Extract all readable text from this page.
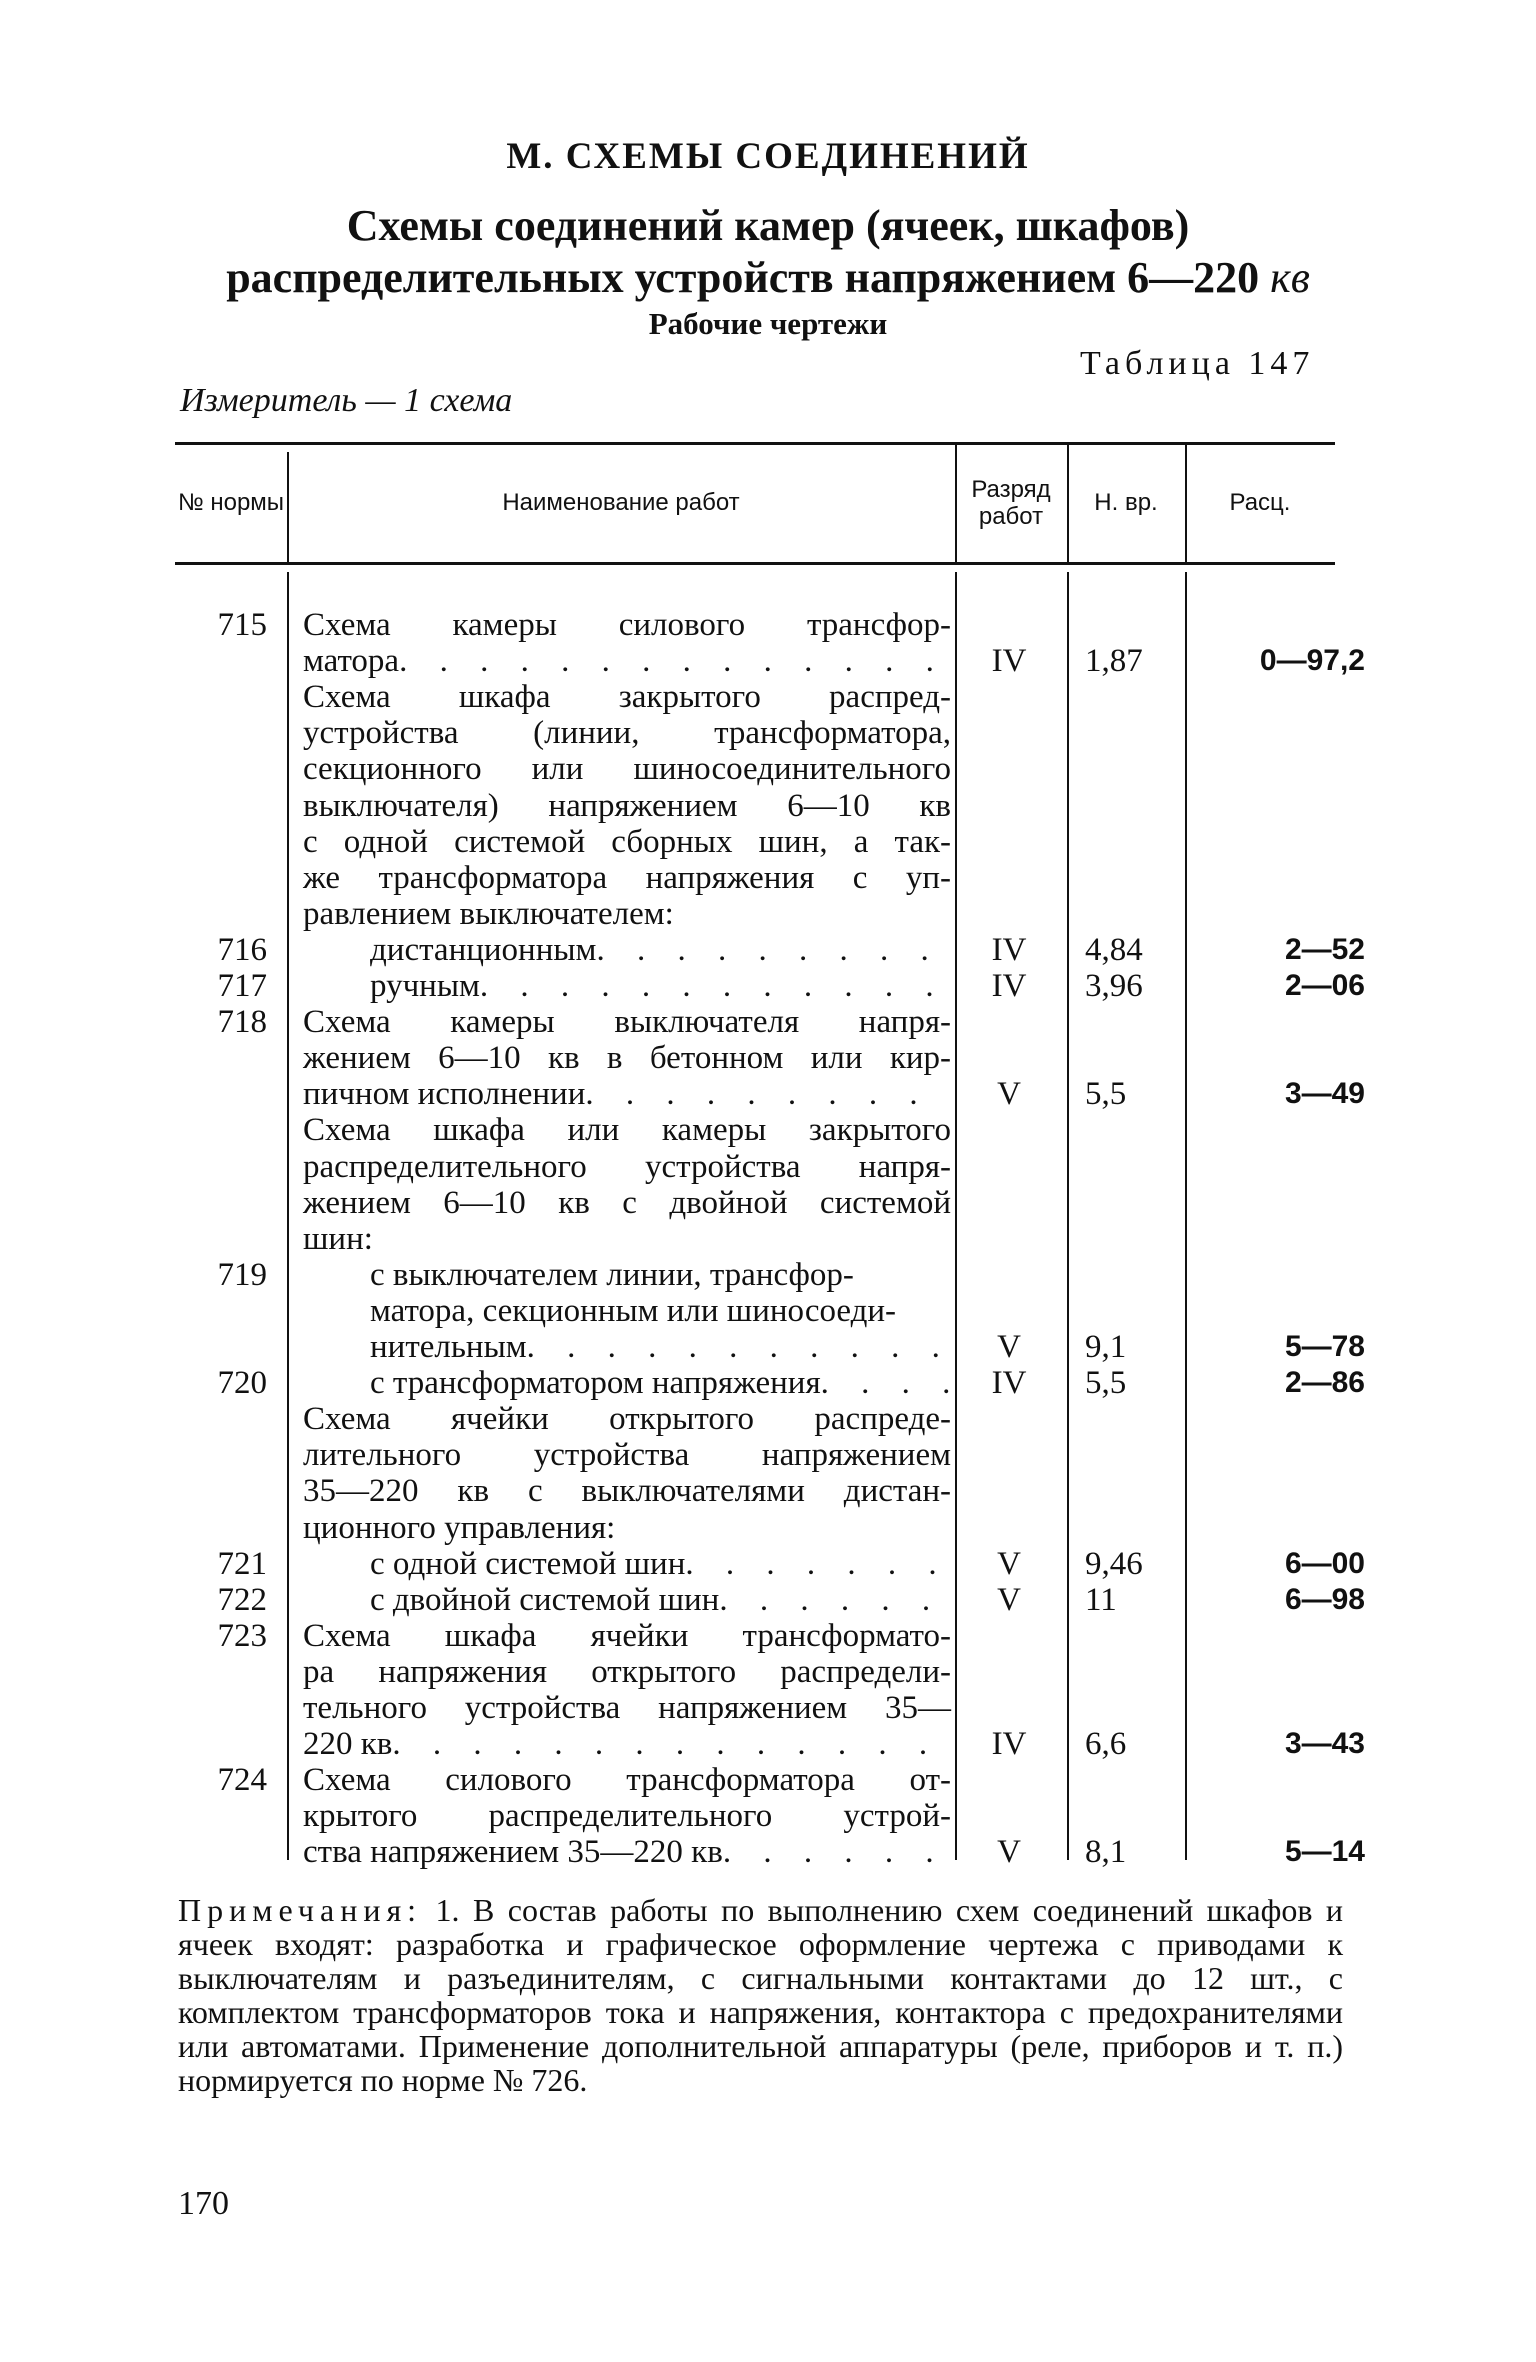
М. СХЕМЫ СОЕДИНЕНИЙ
Схемы соединений камер (ячеек, шкафов)
распределительных устройств напряжением 6—220 кв
Рабочие чертежи
Таблица 147
Измеритель — 1 схема
№ нормы	Наименование работ	Разряд работ	Н. вр.	Расц.
715 Схема камеры силового трансфор-
матора . . .	IV	1,87	0—97,2
Схема шкафа закрытого распред-
устройства (линии, трансформатора,
секционного или шиносоединительного
выключателя) напряжением 6—10 кв
с одной системой сборных шин, а так-
же трансформатора напряжения с уп-
равлением выключателем:
716	дистанционным . . .	IV	4,84	2—52
717	ручным . . .	IV	3,96	2—06
718 Схема камеры выключателя напря-
жением 6—10 кв в бетонном или кир-
пичном исполнении . . .	V	5,5	3—49
Схема шкафа или камеры закрытого
распределительного устройства напря-
жением 6—10 кв с двойной системой
шин:
719	с выключателем линии, трансфор-
матора, секционным или шиносоеди-
нительным . . .	V	9,1	5—78
720	с трансформатором напряжения . . .	IV	5,5	2—86
Схема ячейки открытого распреде-
лительного устройства напряжением
35—220 кв с выключателями дистан-
ционного управления:
721	с одной системой шин . . .	V	9,46	6—00
722	с двойной системой шин . . .	V	11	6—98
723 Схема шкафа ячейки трансформато-
ра напряжения открытого распредели-
тельного устройства напряжением 35—
220 кв . . .	IV	6,6	3—43
724 Схема силового трансформатора от-
крытого распределительного устрой-
ства напряжением 35—220 кв . . .	V	8,1	5—14
Примечания: 1. В состав работы по выполнению схем соединений шкафов и ячеек входят: разработка и графическое оформление чертежа с приводами к выключателям и разъединителям, с сигнальными контактами до 12 шт., с комплектом трансформаторов тока и напряжения, контактора с предохранителями или автоматами. Применение дополнительной аппаратуры (реле, приборов и т. п.) нормируется по норме № 726.
170
